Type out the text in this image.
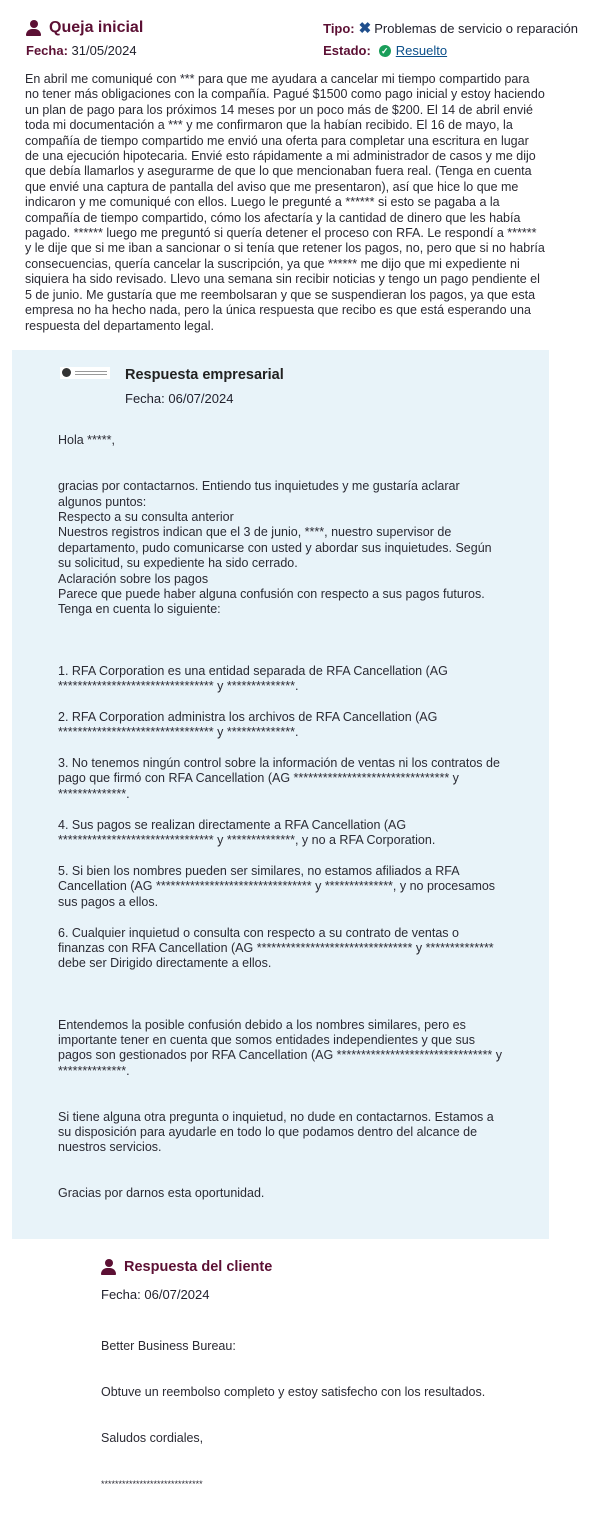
Queja inicial
Fecha: 31/05/2024
Tipo: ✖ Problemas de servicio o reparación
Estado: ✓ Resuelto
En abril me comuniqué con *** para que me ayudara a cancelar mi tiempo compartido para no tener más obligaciones con la compañía. Pagué $1500 como pago inicial y estoy haciendo un plan de pago para los próximos 14 meses por un poco más de $200. El 14 de abril envié toda mi documentación a *** y me confirmaron que la habían recibido. El 16 de mayo, la compañía de tiempo compartido me envió una oferta para completar una escritura en lugar de una ejecución hipotecaria. Envié esto rápidamente a mi administrador de casos y me dijo que debía llamarlos y asegurarme de que lo que mencionaban fuera real. (Tenga en cuenta que envié una captura de pantalla del aviso que me presentaron), así que hice lo que me indicaron y me comuniqué con ellos. Luego le pregunté a ****** si esto se pagaba a la compañía de tiempo compartido, cómo los afectaría y la cantidad de dinero que les había pagado. ****** luego me preguntó si quería detener el proceso con RFA. Le respondí a ****** y le dije que si me iban a sancionar o si tenía que retener los pagos, no, pero que si no habría consecuencias, quería cancelar la suscripción, ya que ****** me dijo que mi expediente ni siquiera ha sido revisado. Llevo una semana sin recibir noticias y tengo un pago pendiente el 5 de junio. Me gustaría que me reembolsaran y que se suspendieran los pagos, ya que esta empresa no ha hecho nada, pero la única respuesta que recibo es que está esperando una respuesta del departamento legal.
Respuesta empresarial
Fecha: 06/07/2024

Hola *****,

gracias por contactarnos. Entiendo tus inquietudes y me gustaría aclarar algunos puntos:
Respecto a su consulta anterior
Nuestros registros indican que el 3 de junio, ****, nuestro supervisor de departamento, pudo comunicarse con usted y abordar sus inquietudes. Según su solicitud, su expediente ha sido cerrado.
Aclaración sobre los pagos
Parece que puede haber alguna confusión con respecto a sus pagos futuros. Tenga en cuenta lo siguiente:

1. RFA Corporation es una entidad separada de RFA Cancellation (AG ******************************** y **************.

2. RFA Corporation administra los archivos de RFA Cancellation (AG ******************************** y **************.

3. No tenemos ningún control sobre la información de ventas ni los contratos de pago que firmó con RFA Cancellation (AG ******************************** y **************.

4. Sus pagos se realizan directamente a RFA Cancellation (AG ******************************** y **************, y no a RFA Corporation.

5. Si bien los nombres pueden ser similares, no estamos afiliados a RFA Cancellation (AG ******************************** y **************, y no procesamos sus pagos a ellos.

6. Cualquier inquietud o consulta con respecto a su contrato de ventas o finanzas con RFA Cancellation (AG ******************************** y ************** debe ser Dirigido directamente a ellos.

Entendemos la posible confusión debido a los nombres similares, pero es importante tener en cuenta que somos entidades independientes y que sus pagos son gestionados por RFA Cancellation (AG ******************************** y **************.

Si tiene alguna otra pregunta o inquietud, no dude en contactarnos. Estamos a su disposición para ayudarle en todo lo que podamos dentro del alcance de nuestros servicios.

Gracias por darnos esta oportunidad.

Respuesta del cliente
Fecha: 06/07/2024

Better Business Bureau:

Obtuve un reembolso completo y estoy satisfecho con los resultados.

Saludos cordiales,

*****************************
